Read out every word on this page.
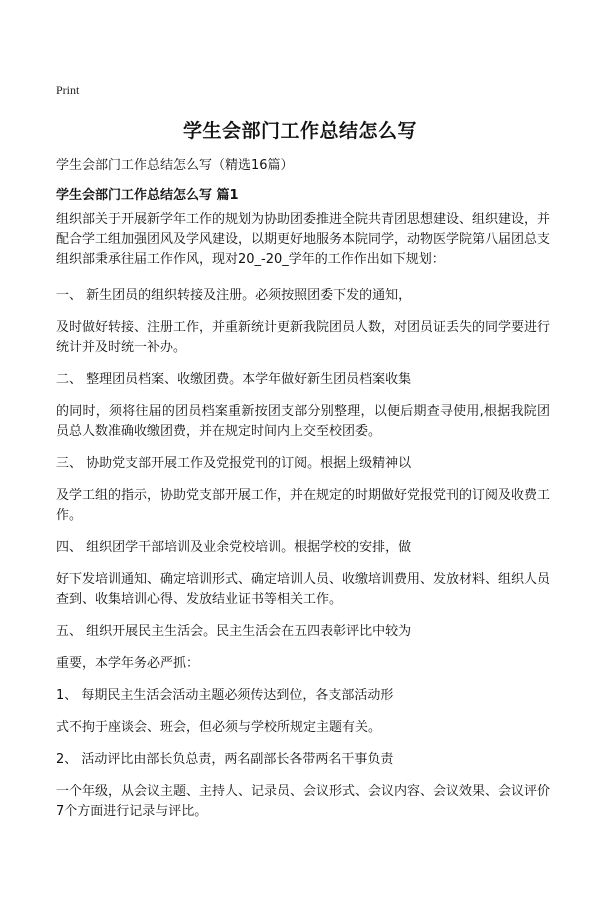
Print
学生会部门工作总结怎么写
学生会部门工作总结怎么写（精选16篇）
学生会部门工作总结怎么写 篇1

组织部关于开展新学年工作的规划为协助团委推进全院共青团思想建设、组织建设，并配合学工组加强团风及学风建设，以期更好地服务本院同学，动物医学院第八届团总支组织部秉承往届工作作风，现对20_-20_学年的工作作出如下规划：

一、 新生团员的组织转接及注册。必须按照团委下发的通知，

及时做好转接、注册工作，并重新统计更新我院团员人数，对团员证丢失的同学要进行统计并及时统一补办。

二、 整理团员档案、收缴团费。本学年做好新生团员档案收集

的同时，须将往届的团员档案重新按团支部分别整理，以便后期查寻使用,根据我院团员总人数准确收缴团费，并在规定时间内上交至校团委。

三、 协助党支部开展工作及党报党刊的订阅。根据上级精神以

及学工组的指示，协助党支部开展工作，并在规定的时期做好党报党刊的订阅及收费工作。

四、 组织团学干部培训及业余党校培训。根据学校的安排，做

好下发培训通知、确定培训形式、确定培训人员、收缴培训费用、发放材料、组织人员查到、收集培训心得、发放结业证书等相关工作。

五、 组织开展民主生活会。民主生活会在五四表彰评比中较为

重要，本学年务必严抓：

1、 每期民主生活会活动主题必须传达到位，各支部活动形

式不拘于座谈会、班会，但必须与学校所规定主题有关。

2、 活动评比由部长负总责，两名副部长各带两名干事负责

一个年级，从会议主题、主持人、记录员、会议形式、会议内容、会议效果、会议评价7个方面进行记录与评比。
